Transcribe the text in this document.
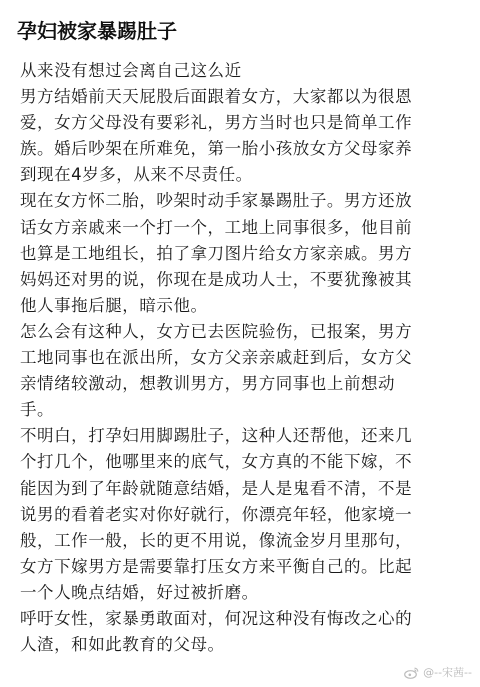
孕妇被家暴踢肚子
从来没有想过会离自己这么近
男方结婚前天天屁股后面跟着女方，大家都以为很恩
爱，女方父母没有要彩礼，男方当时也只是简单工作
族。婚后吵架在所难免，第一胎小孩放女方父母家养
到现在4岁多，从来不尽责任。
现在女方怀二胎，吵架时动手家暴踢肚子。男方还放
话女方亲戚来一个打一个，工地上同事很多，他目前
也算是工地组长，拍了拿刀图片给女方家亲戚。男方
妈妈还对男的说，你现在是成功人士，不要犹豫被其
他人事拖后腿，暗示他。
怎么会有这种人，女方已去医院验伤，已报案，男方
工地同事也在派出所，女方父亲亲戚赶到后，女方父
亲情绪较激动，想教训男方，男方同事也上前想动
手。
不明白，打孕妇用脚踢肚子，这种人还帮他，还来几
个打几个，他哪里来的底气，女方真的不能下嫁，不
能因为到了年龄就随意结婚，是人是鬼看不清，不是
说男的看着老实对你好就行，你漂亮年轻，他家境一
般，工作一般，长的更不用说，像流金岁月里那句，
女方下嫁男方是需要靠打压女方来平衡自己的。比起
一个人晚点结婚，好过被折磨。
呼吁女性，家暴勇敢面对，何况这种没有悔改之心的
人渣，和如此教育的父母。
@--宋茜--
